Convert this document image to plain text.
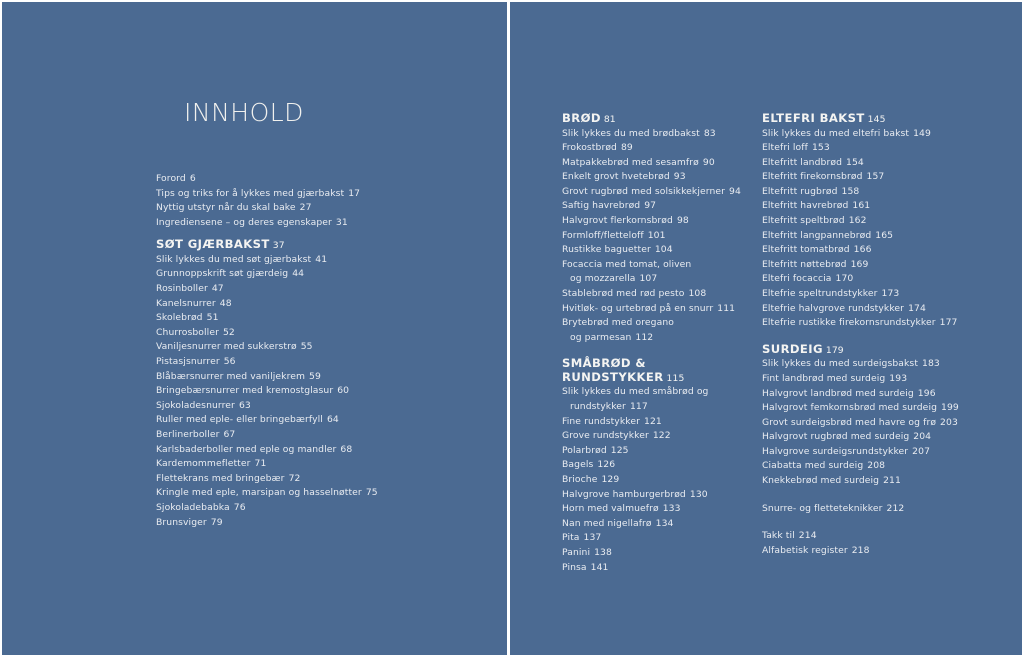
INNHOLD
Forord 6
Tips og triks for å lykkes med gjærbakst 17
Nyttig utstyr når du skal bake 27
Ingrediensene – og deres egenskaper 31
SØT GJÆRBAKST 37
Slik lykkes du med søt gjærbakst 41
Grunnoppskrift søt gjærdeig 44
Rosinboller 47
Kanelsnurrer 48
Skolebrød 51
Churrosboller 52
Vaniljesnurrer med sukkerstrø 55
Pistasjsnurrer 56
Blåbærsnurrer med vaniljekrem 59
Bringebærsnurrer med kremostglasur 60
Sjokoladesnurrer 63
Ruller med eple- eller bringebærfyll 64
Berlinerboller 67
Karlsbaderboller med eple og mandler 68
Kardemommefletter 71
Flettekrans med bringebær 72
Kringle med eple, marsipan og hasselnøtter 75
Sjokoladebabka 76
Brunsviger 79
BRØD 81
Slik lykkes du med brødbakst 83
Frokostbrød 89
Matpakkebrød med sesamfrø 90
Enkelt grovt hvetebrød 93
Grovt rugbrød med solsikkekjerner 94
Saftig havrebrød 97
Halvgrovt flerkornsbrød 98
Formloff/fletteloff 101
Rustikke baguetter 104
Focaccia med tomat, oliven
og mozzarella 107
Stablebrød med rød pesto 108
Hvitløk- og urtebrød på en snurr 111
Brytebrød med oregano
og parmesan 112
SMÅBRØD &
RUNDSTYKKER 115
Slik lykkes du med småbrød og
rundstykker 117
Fine rundstykker 121
Grove rundstykker 122
Polarbrød 125
Bagels 126
Brioche 129
Halvgrove hamburgerbrød 130
Horn med valmuefrø 133
Nan med nigellafrø 134
Pita 137
Panini 138
Pinsa 141
ELTEFRI BAKST 145
Slik lykkes du med eltefri bakst 149
Eltefri loff 153
Eltefritt landbrød 154
Eltefritt firekornsbrød 157
Eltefritt rugbrød 158
Eltefritt havrebrød 161
Eltefritt speltbrød 162
Eltefritt langpannebrød 165
Eltefritt tomatbrød 166
Eltefritt nøttebrød 169
Eltefri focaccia 170
Eltefrie speltrundstykker 173
Eltefrie halvgrove rundstykker 174
Eltefrie rustikke firekornsrundstykker 177
SURDEIG 179
Slik lykkes du med surdeigsbakst 183
Fint landbrød med surdeig 193
Halvgrovt landbrød med surdeig 196
Halvgrovt femkornsbrød med surdeig 199
Grovt surdeigsbrød med havre og frø 203
Halvgrovt rugbrød med surdeig 204
Halvgrove surdeigsrundstykker 207
Ciabatta med surdeig 208
Knekkebrød med surdeig 211
Snurre- og fletteteknikker 212
Takk til 214
Alfabetisk register 218
